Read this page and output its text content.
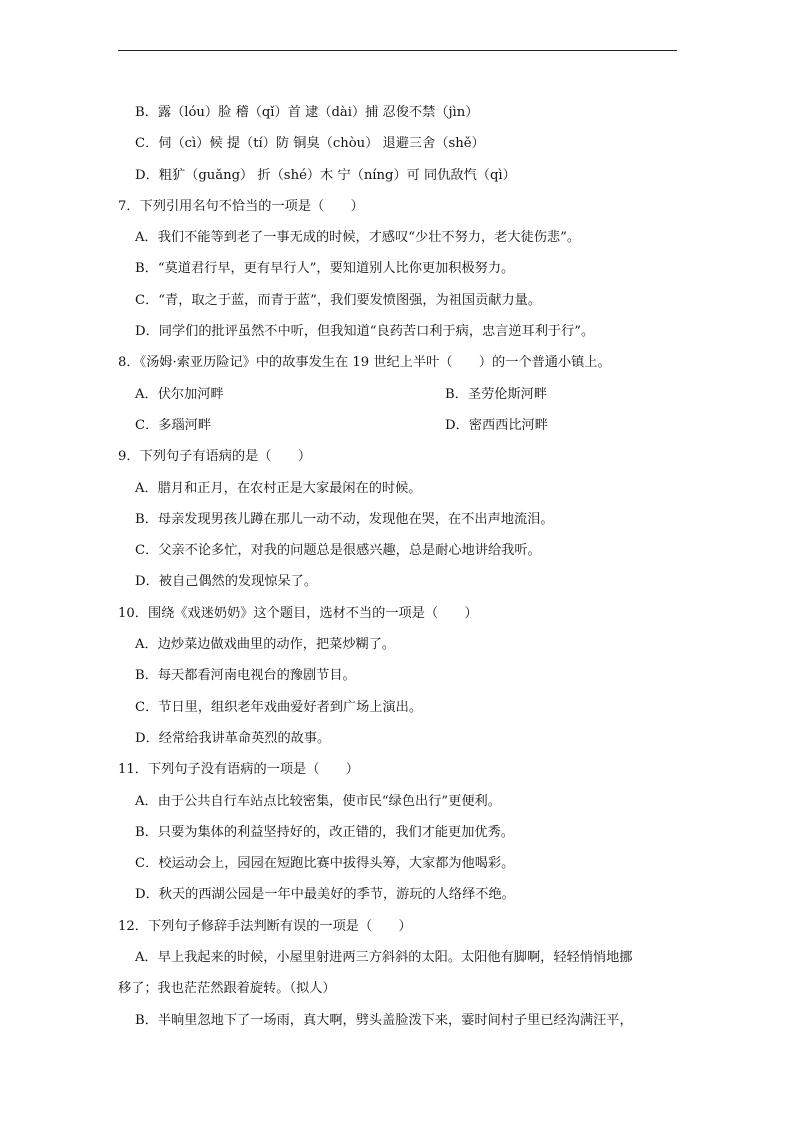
B．露（lóu）脸 稽（qǐ）首 逮（dài）捕 忍俊不禁（jìn）
C．伺（cì）候 提（tí）防 铜臭（chòu） 退避三舍（shě）
D．粗犷（guǎng） 折（shé）木 宁（níng）可 同仇敌忾（qì）
7．下列引用名句不恰当的一项是（　　）
A．我们不能等到老了一事无成的时候，才感叹“少壮不努力，老大徒伤悲”。
B．“莫道君行早，更有早行人”，要知道别人比你更加积极努力。
C．“青，取之于蓝，而青于蓝”，我们要发愤图强，为祖国贡献力量。
D．同学们的批评虽然不中听，但我知道“良药苦口利于病，忠言逆耳利于行”。
8．《汤姆·索亚历险记》中的故事发生在 19 世纪上半叶（　　）的一个普通小镇上。
A．伏尔加河畔	B．圣劳伦斯河畔
C．多瑙河畔	D．密西西比河畔
9．下列句子有语病的是（　　）
A．腊月和正月，在农村正是大家最闲在的时候。
B．母亲发现男孩儿蹲在那儿一动不动，发现他在哭，在不出声地流泪。
C．父亲不论多忙，对我的问题总是很感兴趣，总是耐心地讲给我听。
D．被自己偶然的发现惊呆了。
10．围绕《戏迷奶奶》这个题目，选材不当的一项是（　　）
A．边炒菜边做戏曲里的动作，把菜炒糊了。
B．每天都看河南电视台的豫剧节目。
C．节日里，组织老年戏曲爱好者到广场上演出。
D．经常给我讲革命英烈的故事。
11．下列句子没有语病的一项是（　　）
A．由于公共自行车站点比较密集，使市民“绿色出行”更便利。
B．只要为集体的利益坚持好的，改正错的，我们才能更加优秀。
C．校运动会上，园园在短跑比赛中拔得头筹，大家都为他喝彩。
D．秋天的西湖公园是一年中最美好的季节，游玩的人络绎不绝。
12．下列句子修辞手法判断有误的一项是（　　）
A．早上我起来的时候，小屋里射进两三方斜斜的太阳。太阳他有脚啊，轻轻悄悄地挪
移了；我也茫茫然跟着旋转。（拟人）
B．半晌里忽地下了一场雨，真大啊，劈头盖脸泼下来，霎时间村子里已经沟满汪平，
